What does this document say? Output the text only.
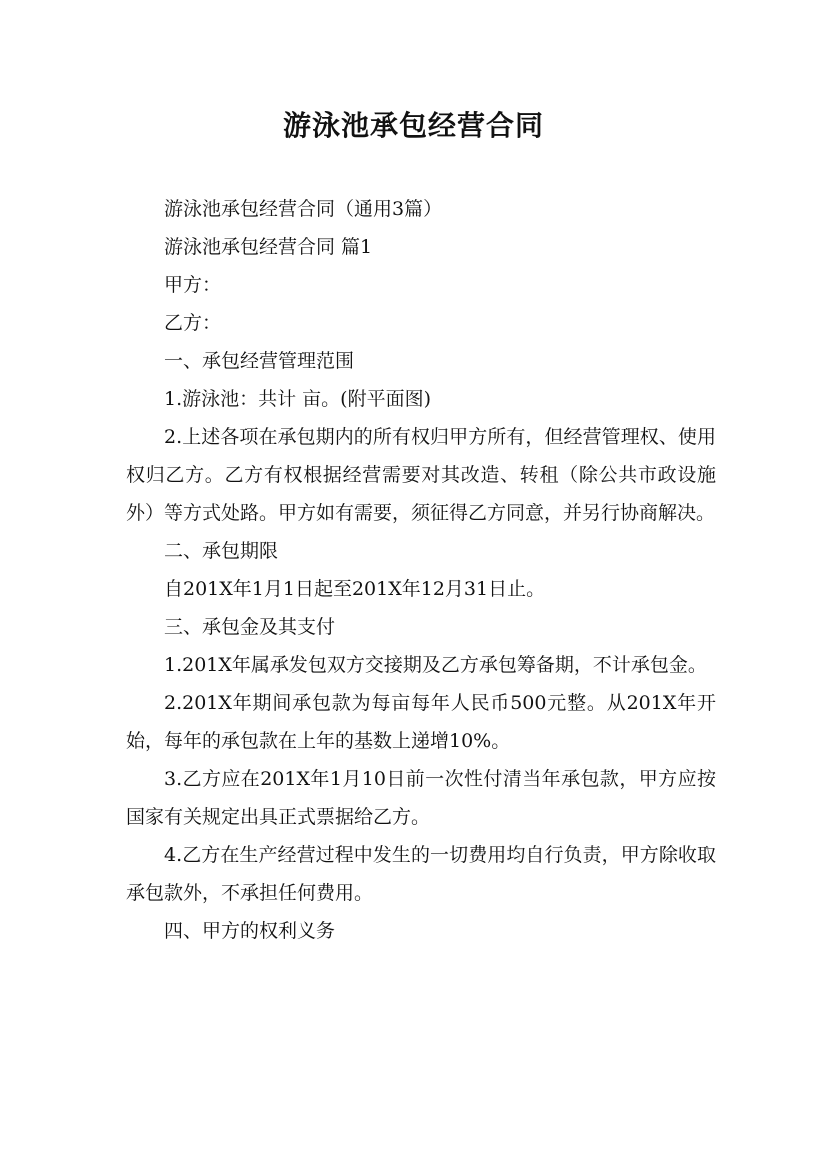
游泳池承包经营合同

游泳池承包经营合同（通用3篇）

游泳池承包经营合同 篇1

甲方：

乙方：

一、承包经营管理范围

1.游泳池：共计 亩。(附平面图)

2.上述各项在承包期内的所有权归甲方所有，但经营管理权、使用权归乙方。乙方有权根据经营需要对其改造、转租（除公共市政设施外）等方式处路。甲方如有需要，须征得乙方同意，并另行协商解决。

二、承包期限

自201X年1月1日起至201X年12月31日止。

三、承包金及其支付

1.201X年属承发包双方交接期及乙方承包筹备期，不计承包金。

2.201X年期间承包款为每亩每年人民币500元整。从201X年开始，每年的承包款在上年的基数上递增10%。

3.乙方应在201X年1月10日前一次性付清当年承包款，甲方应按国家有关规定出具正式票据给乙方。

4.乙方在生产经营过程中发生的一切费用均自行负责，甲方除收取承包款外，不承担任何费用。

四、甲方的权利义务
